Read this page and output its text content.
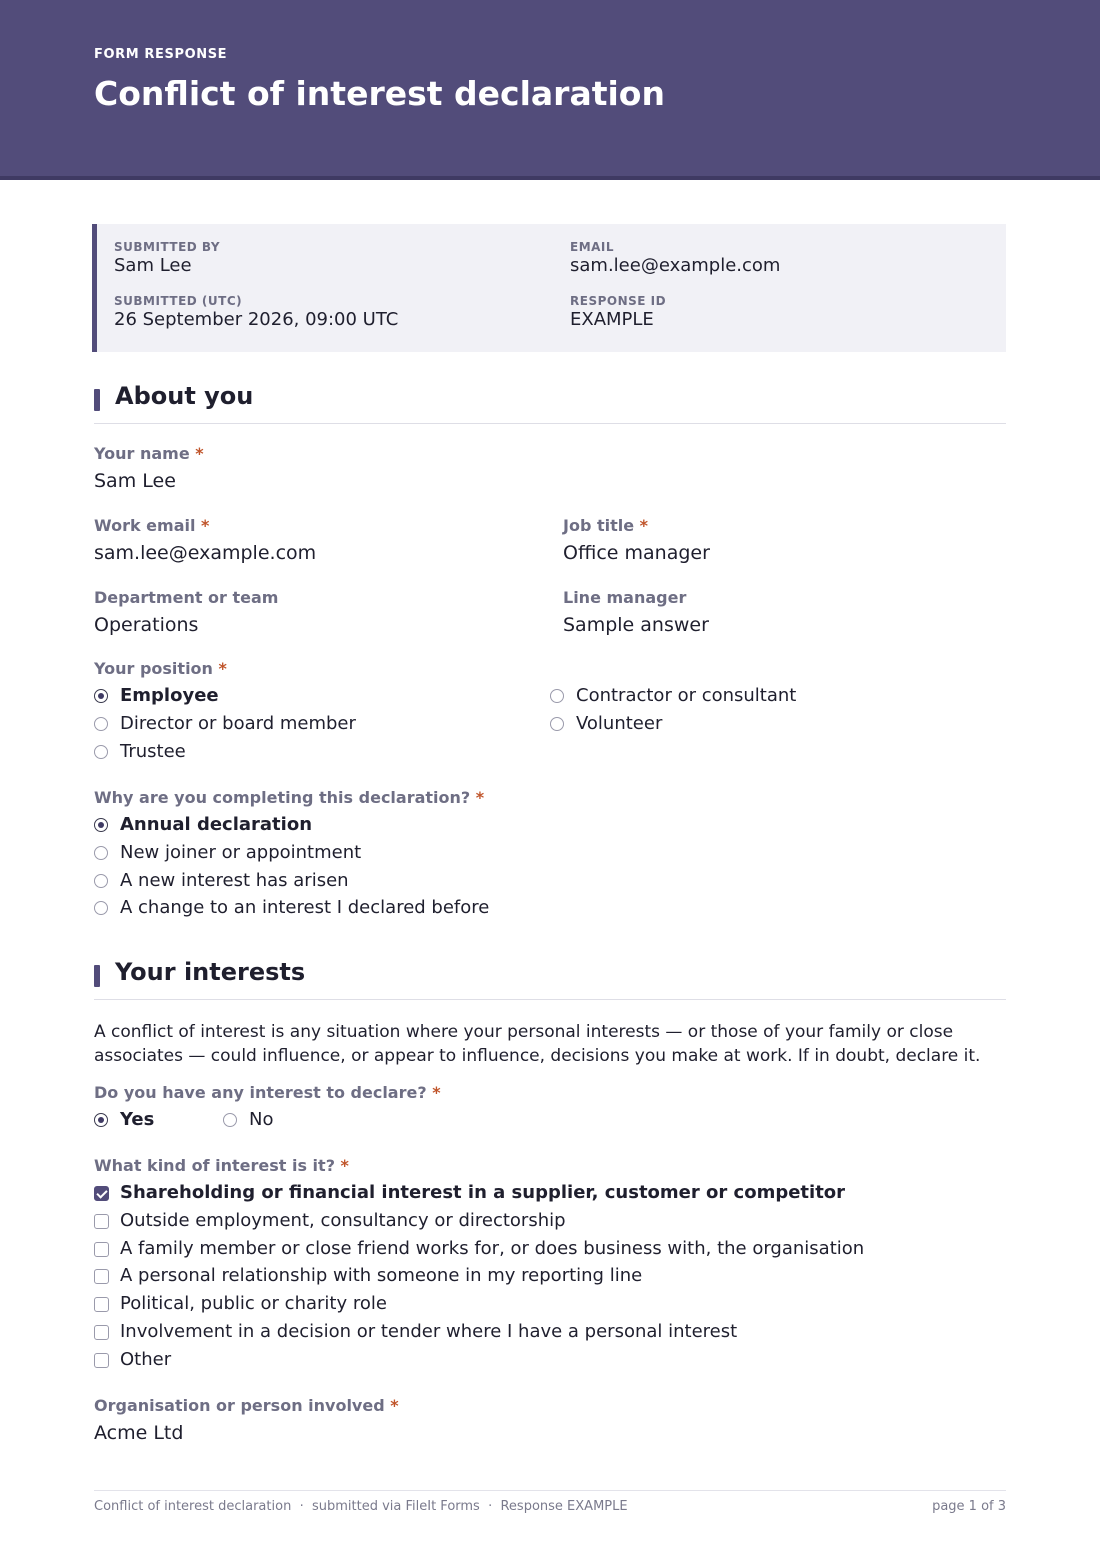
FORM RESPONSE
Conflict of interest declaration
SUBMITTED BY
Sam Lee
EMAIL
sam.lee@example.com
SUBMITTED (UTC)
26 September 2026, 09:00 UTC
RESPONSE ID
EXAMPLE
About you
Your name *
Sam Lee
Work email *
sam.lee@example.com
Job title *
Office manager
Department or team
Operations
Line manager
Sample answer
Your position *
Employee
Director or board member
Trustee
Contractor or consultant
Volunteer
Why are you completing this declaration? *
Annual declaration
New joiner or appointment
A new interest has arisen
A change to an interest I declared before
Your interests
A conflict of interest is any situation where your personal interests — or those of your family or close associates — could influence, or appear to influence, decisions you make at work. If in doubt, declare it.
Do you have any interest to declare? *
Yes	No
What kind of interest is it? *
Shareholding or financial interest in a supplier, customer or competitor
Outside employment, consultancy or directorship
A family member or close friend works for, or does business with, the organisation
A personal relationship with someone in my reporting line
Political, public or charity role
Involvement in a decision or tender where I have a personal interest
Other
Organisation or person involved *
Acme Ltd
Conflict of interest declaration  ·  submitted via FileIt Forms  ·  Response EXAMPLE	page 1 of 3
